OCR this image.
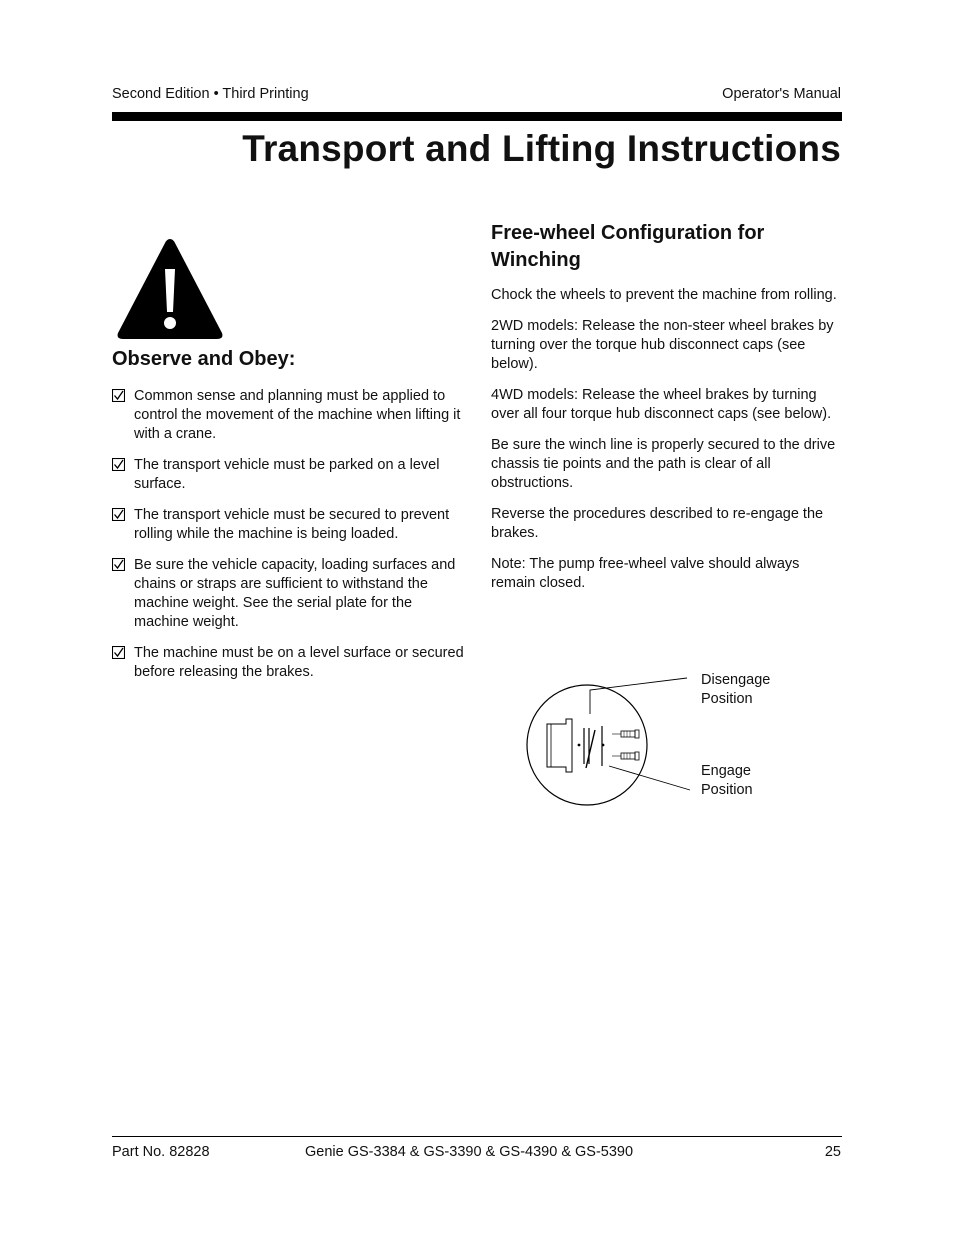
Second Edition • Third Printing	Operator's Manual
Transport and Lifting Instructions
Observe and Obey:
Common sense and planning must be applied to control the movement of the machine when lifting it with a crane.
The transport vehicle must be parked on a level surface.
The transport vehicle must be secured to prevent rolling while the machine is being loaded.
Be sure the vehicle capacity, loading surfaces and chains or straps are sufficient to withstand the machine weight. See the serial plate for the machine weight.
The machine must be on a level surface or secured before releasing the brakes.
Free-wheel Configuration for Winching

Chock the wheels to prevent the machine from rolling.

2WD models: Release the non-steer wheel brakes by turning over the torque hub disconnect caps (see below).

4WD models: Release the wheel brakes by turning over all four torque hub disconnect caps (see below).

Be sure the winch line is properly secured to the drive chassis tie points and the path is clear of all obstructions.

Reverse the procedures described to re-engage the brakes.

Note: The pump free-wheel valve should always remain closed.

Disengage
Position
Engage
Position
Part No. 82828	Genie GS-3384 & GS-3390 & GS-4390 & GS-5390	25
